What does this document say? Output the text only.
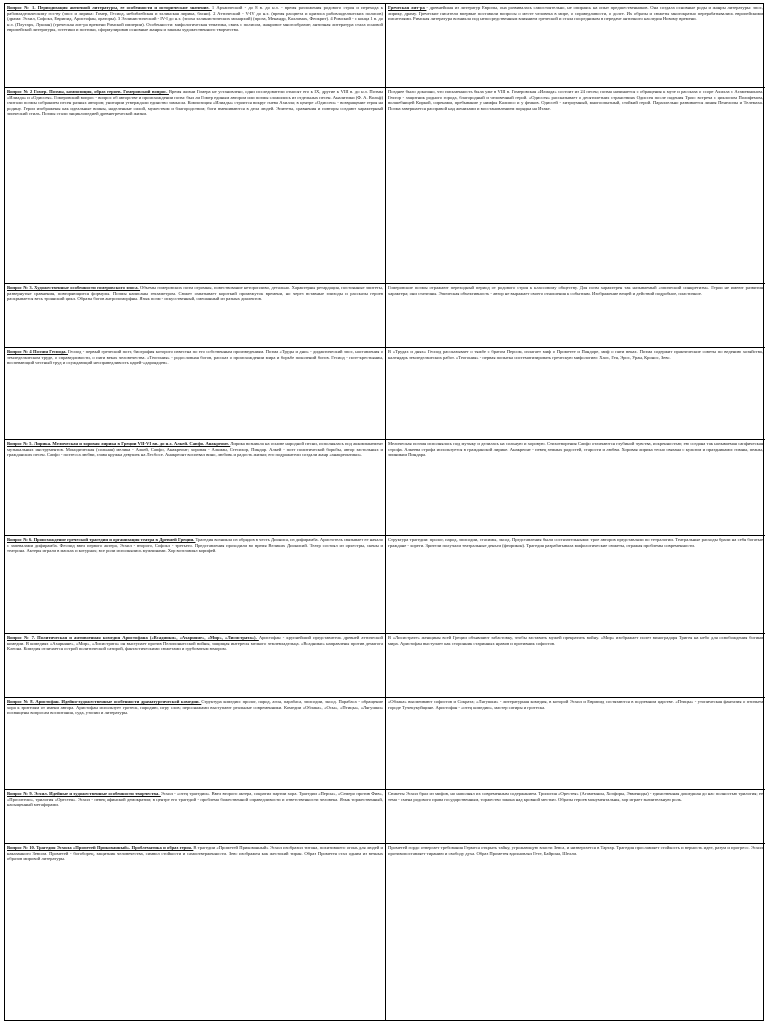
Вопрос № 1. Периодизация античной литературы, ее особенности и исторические значение. 1 Архаический - до 8 в. до н.э. - время разложения родового строя и перехода к рабовладельческому гос-ву (эпос и лирика: Гомер, Гесиод, небиблейская и эллинская лирика, басни). 2 Аттический - V-IV до н.э. (время расцвета и кризиса рабовладельческих полисов) (драма: Эсхил, Софокл, Еврипид, Аристофан, ораторы). 3 Эллинистический - IV-I до н.э. (эпоха эллинистических монархий) (проза, Менандр, Каллимах, Феокрит). 4 Римский - с конца 1 в. до н.э. (Плутарх, Лукиан) (греческая лит-ра времени Римской империи). Особенности: мифологическая тематика, связь с полисом, жанровое многообразие; античная литература стала основой европейской литературы, эстетики и поэтики, сформулировав основные жанры и законы художественного творчества.

Вопрос № 2 Гомер. Поэмы, композиция, образ героев. Гомеровский вопрос. Время жизни Гомера не установлено, одни исследователи относят его к IX, другие к VIII в. до н.э. Поэмы «Илиада» и «Одиссея». Гомеровский вопрос - вопрос об авторстве и происхождении поэм: был ли Гомер единым автором или поэмы сложились из отдельных песен. Аналитики (Ф. А. Вольф) считали поэмы собранием песен разных авторов; унитарии утверждали единство замысла. Композиция «Илиады» строится вокруг гнева Ахилла; в центре «Одиссеи» - возвращение героя на родину. Герои изображены как идеальные воины, наделенные силой, мужеством и благородством; боги вмешиваются в дела людей. Эпитеты, сравнения и повторы создают характерный эпический стиль. Поэмы стали энциклопедией древнегреческой жизни.

Вопрос № 3. Художественные особенности гомеровского эпоса. Объемы гомеровских поэм огромны, повествование неторопливо, детально. Характерны ретардация, постоянные эпитеты, развернутые сравнения, повторяющиеся формулы. Поэмы написаны гекзаметром. Сюжет охватывает короткий промежуток времени, но через вставные эпизоды и рассказы героев раскрывается весь троянский цикл. Образы богов антропоморфны. Язык поэм - искусственный, смешанный из разных диалектов.

Вопрос № 4 Поэзия Гесиода. Гесиод - первый греческий поэт, биография которого известна по его собственным произведениям. Поэма «Труды и дни» - дидактический эпос, наставления о земледельческом труде, о справедливости, о пяти веках человечества. «Теогония» - родословная богов, рассказ о происхождении мира и борьбе поколений богов. Гесиод - поэт-крестьянин, воспевающий честный труд и осуждающий несправедливость царей-«дароядцев».

Вопрос № 5. Лирика. Мелическая и хоровая лирика в Греции VII-VI вв. до н.э. Алкей. Сапфо. Анакреонт. Лирика возникла на основе народной песни, исполнялась под аккомпанемент музыкальных инструментов. Монодическая (сольная) мелика - Алкей, Сапфо, Анакреонт; хоровая - Алкман, Стесихор, Пиндар. Алкей - поэт политической борьбы, автор застольных и гражданских песен. Сапфо - поэтесса любви, глава кружка девушек на Лесбосе. Анакреонт воспевал вино, любовь и радость жизни; его подражатели создали жанр «анакреонтики».

Вопрос № 6. Происхождение греческой трагедии и организация театра в Древней Греции. Трагедия возникла из обрядов в честь Диониса, из дифирамба. Аристотель связывает ее начало с запевалами дифирамба. Феспид ввел первого актера, Эсхил - второго, Софокл - третьего. Представления проходили во время Великих Дионисий. Театр состоял из орхестры, скены и театрона. Актеры играли в масках и котурнах; все роли исполнялись мужчинами. Хор возглавлял корифей.

Вопрос № 7. Политическая и антивоенная комедия Аристофана («Всадники», «Ахарняне», «Мир», «Лисистрата»). Аристофан - крупнейший представитель древней аттической комедии. В комедиях «Ахарняне», «Мир», «Лисистрата» он выступает против Пелопоннесской войны, защищая интересы мелкого землевладельца. «Всадники» направлены против демагога Клеона. Комедия отличается острой политической сатирой, фантастическими сюжетами и грубоватым юмором.

Вопрос № 8. Аристофан. Идейно-художественные особенности драматургической комедии. Структура комедии: пролог, парод, агон, парабаса, эписодии, эксод. Парабаса - обращение хора к зрителям от имени автора. Аристофан использует гротеск, пародию, игру слов; персонажами выступают реальные современники. Комедии «Облака», «Осы», «Птицы», «Лягушки» посвящены вопросам воспитания, суда, утопии и литературы.

Вопрос № 9. Эсхил. Идейные и художественные особенности творчества. Эсхил - «отец трагедии». Ввел второго актера, сократил партии хора. Трагедии «Персы», «Семеро против Фив», «Просители», трилогия «Орестея». Эсхил - певец афинской демократии; в центре его трагедий - проблема божественной справедливости и ответственности человека. Язык торжественный, насыщенный метафорами.

Вопрос № 10. Трагедия Эсхила «Прометей Прикованный». Проблематика и образ героя. В трагедии «Прометей Прикованный» Эсхил изобразил титана, похитившего огонь для людей и наказанного Зевсом. Прометей - богоборец, защитник человечества, символ стойкости и самоотверженности. Зевс изображен как жестокий тиран. Образ Прометея стал одним из вечных образов мировой литературы.

Греческая лит-ра - древнейшая из литератур Европы, она развивалась самостоятельно, не опираясь на опыт предшественников. Она создала основные роды и жанры литературы: эпос, лирику, драму. Греческие писатели впервые поставили вопросы о месте человека в мире, о справедливости, о долге. Их образы и сюжеты многократно перерабатывались европейскими писателями. Римская литература возникла под непосредственным влиянием греческой и стала посредником в передаче античного наследия Новому времени.

Позднее было доказано, что письменность была уже в VIII в. Гомеровская «Илиада» состоит из 24 песен; поэма начинается с обращения к музе и рассказа о ссоре Ахилла с Агамемноном. Гектор - защитник родного города, благородный и человечный герой. «Одиссея» рассказывает о десятилетних странствиях Одиссея после падения Трои: встреча с циклопом Полифемом, волшебницей Киркой, сиренами, пребывание у нимфы Калипсо и у феаков. Одиссей - хитроумный, многоопытный, стойкий герой. Параллельно развивается линия Пенелопы и Телемаха. Поэма завершается расправой над женихами и восстановлением порядка на Итаке.

Гомеровские поэмы отражают переходный период от родового строя к классовому обществу. Для поэм характерен так называемый «эпический синкретизм». Герои не имеют развития характера; они статичны. Эпическая объективность - автор не выражает своего отношения к событиям. Изображение вещей и действий подробное, пластичное.

В «Трудах и днях» Гесиод рассказывает о тяжбе с братом Персом, излагает миф о Прометее и Пандоре, миф о пяти веках. Поэма содержит практические советы по ведению хозяйства, календарь земледельческих работ. «Теогония» - первая попытка систематизировать греческую мифологию: Хаос, Гея, Эрос, Уран, Кронос, Зевс.

Мелическая поэзия исполнялась под музыку и делилась на сольную и хоровую. Стихотворения Сапфо отличаются глубиной чувства, искренностью; ею создана так называемая сапфическая строфа. Алкеева строфа используется в гражданской лирике. Анакреонт - певец земных радостей, старости и любви. Хоровая лирика тесно связана с культом и праздниками: гимны, пеаны, эпиникии Пиндара.

Структура трагедии: пролог, парод, эписодии, стасимы, эксод. Представления были состязательными: трое авторов представляли по тетралогии. Театральные расходы брали на себя богатые граждане - хореги. Зрители получали театральные деньги (феорикон). Трагедия разрабатывала мифологические сюжеты, отражая проблемы современности.

В «Лисистрате» женщины всей Греции объявляют забастовку, чтобы заставить мужей прекратить войну. «Мир» изображает полет виноградаря Тригея на небо для освобождения богини мира. Аристофан выступает как сторонник старинных нравов и противник софистов.

«Облака» высмеивают софистов и Сократа; «Лягушки» - литературная комедия, в которой Эсхил и Еврипид состязаются в подземном царстве. «Птицы» - утопическая фантазия о птичьем городе Тучекукуйщине. Аристофан - «отец комедии», мастер сатиры и гротеска.

Сюжеты Эсхил брал из мифов, но наполнял их современным содержанием. Трилогия «Орестея» (Агамемнон, Хоэфоры, Эвмениды) - единственная дошедшая до нас полностью трилогия; ее тема - смена родового права государственным, торжество закона над кровной местью. Образы героев монументальны, хор играет значительную роль.

Прометей гордо отвергает требования Гермеса открыть тайну, угрожающую власти Зевса, и низвергается в Тартар. Трагедия прославляет стойкость и верность идее, разум и прогресс. Эсхил противопоставляет тиранию и свободу духа. Образ Прометея вдохновлял Гете, Байрона, Шелли.
